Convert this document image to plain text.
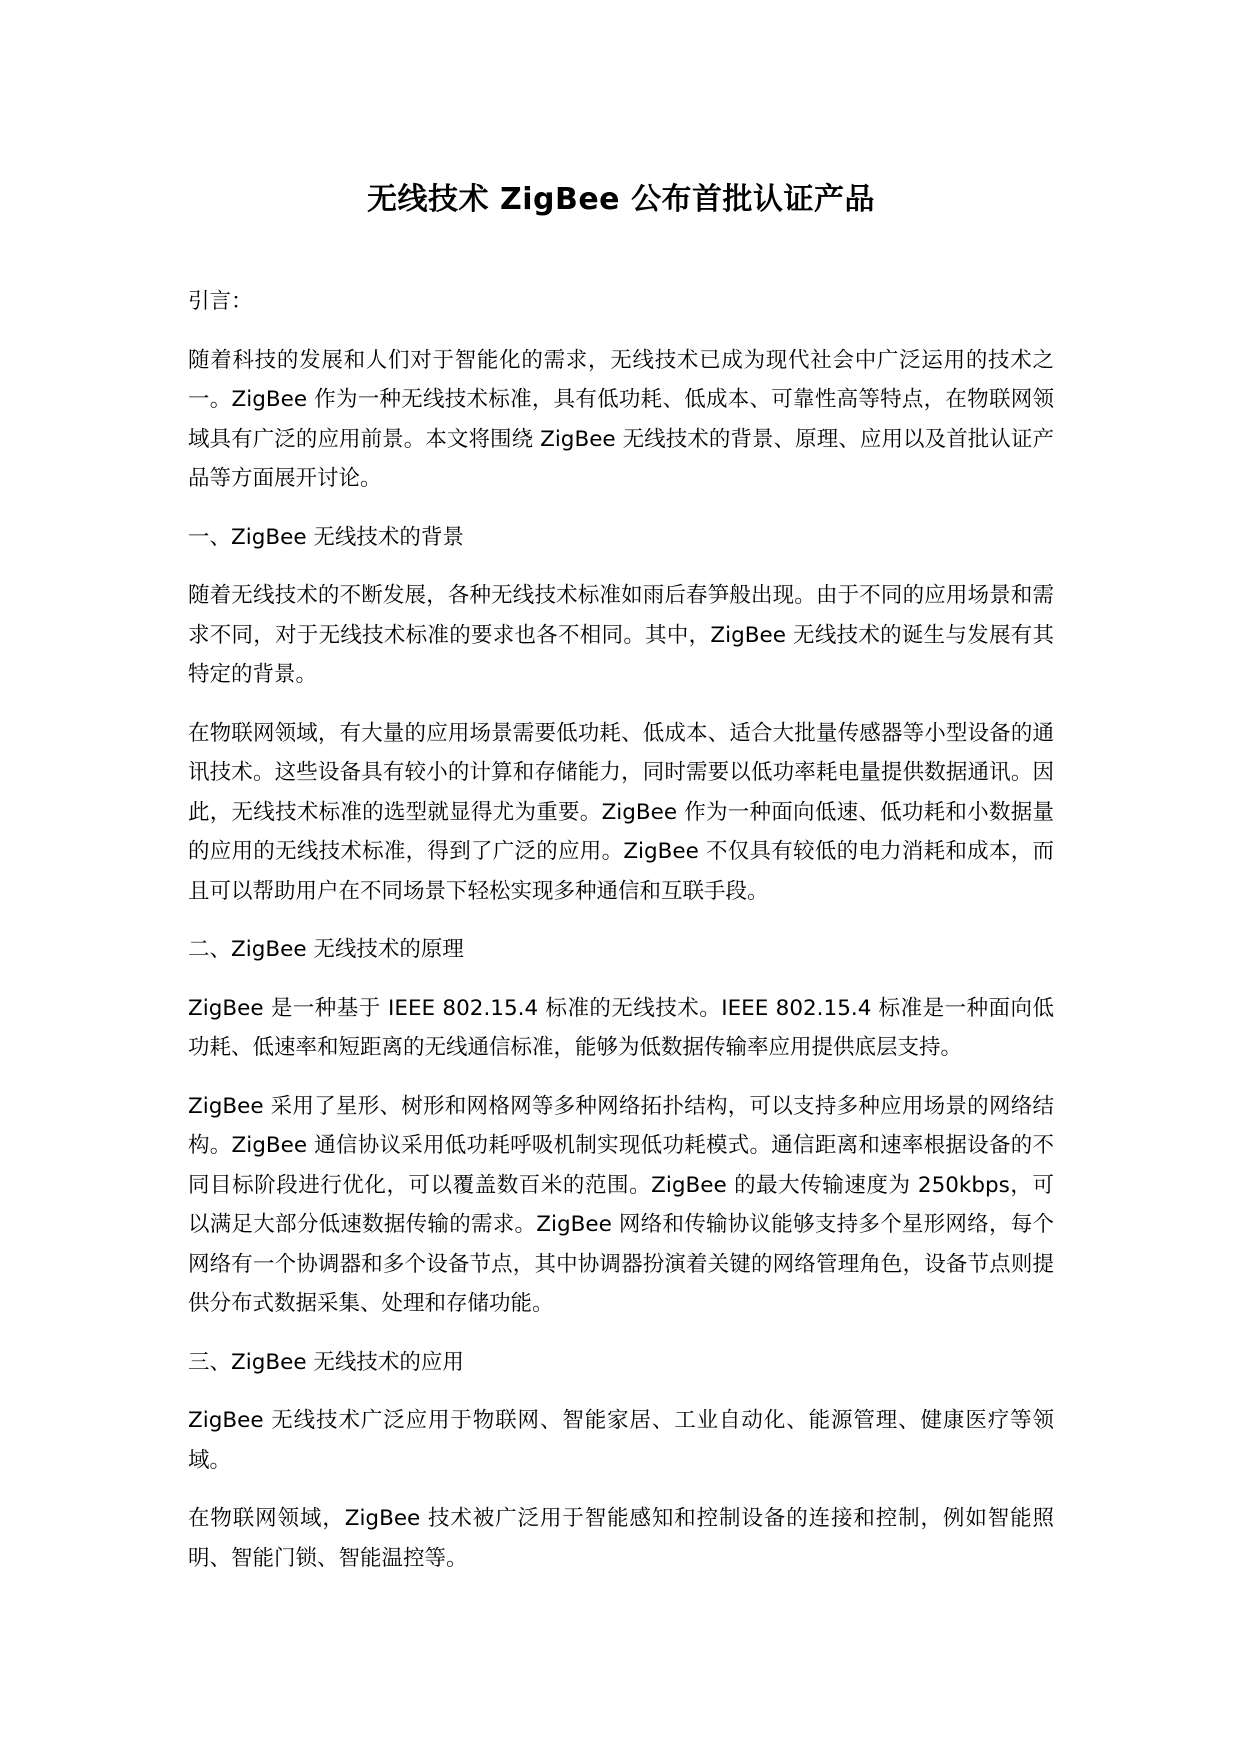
无线技术 ZigBee 公布首批认证产品

引言：

随着科技的发展和人们对于智能化的需求，无线技术已成为现代社会中广泛运用的技术之一。ZigBee 作为一种无线技术标准，具有低功耗、低成本、可靠性高等特点，在物联网领域具有广泛的应用前景。本文将围绕 ZigBee 无线技术的背景、原理、应用以及首批认证产品等方面展开讨论。

一、ZigBee 无线技术的背景

随着无线技术的不断发展，各种无线技术标准如雨后春笋般出现。由于不同的应用场景和需求不同，对于无线技术标准的要求也各不相同。其中，ZigBee 无线技术的诞生与发展有其特定的背景。

在物联网领域，有大量的应用场景需要低功耗、低成本、适合大批量传感器等小型设备的通讯技术。这些设备具有较小的计算和存储能力，同时需要以低功率耗电量提供数据通讯。因此，无线技术标准的选型就显得尤为重要。ZigBee 作为一种面向低速、低功耗和小数据量的应用的无线技术标准，得到了广泛的应用。ZigBee 不仅具有较低的电力消耗和成本，而且可以帮助用户在不同场景下轻松实现多种通信和互联手段。

二、ZigBee 无线技术的原理

ZigBee 是一种基于 IEEE 802.15.4 标准的无线技术。IEEE 802.15.4 标准是一种面向低功耗、低速率和短距离的无线通信标准，能够为低数据传输率应用提供底层支持。

ZigBee 采用了星形、树形和网格网等多种网络拓扑结构，可以支持多种应用场景的网络结构。ZigBee 通信协议采用低功耗呼吸机制实现低功耗模式。通信距离和速率根据设备的不同目标阶段进行优化，可以覆盖数百米的范围。ZigBee 的最大传输速度为 250kbps，可以满足大部分低速数据传输的需求。ZigBee 网络和传输协议能够支持多个星形网络，每个网络有一个协调器和多个设备节点，其中协调器扮演着关键的网络管理角色，设备节点则提供分布式数据采集、处理和存储功能。

三、ZigBee 无线技术的应用

ZigBee 无线技术广泛应用于物联网、智能家居、工业自动化、能源管理、健康医疗等领域。

在物联网领域，ZigBee 技术被广泛用于智能感知和控制设备的连接和控制，例如智能照明、智能门锁、智能温控等。
